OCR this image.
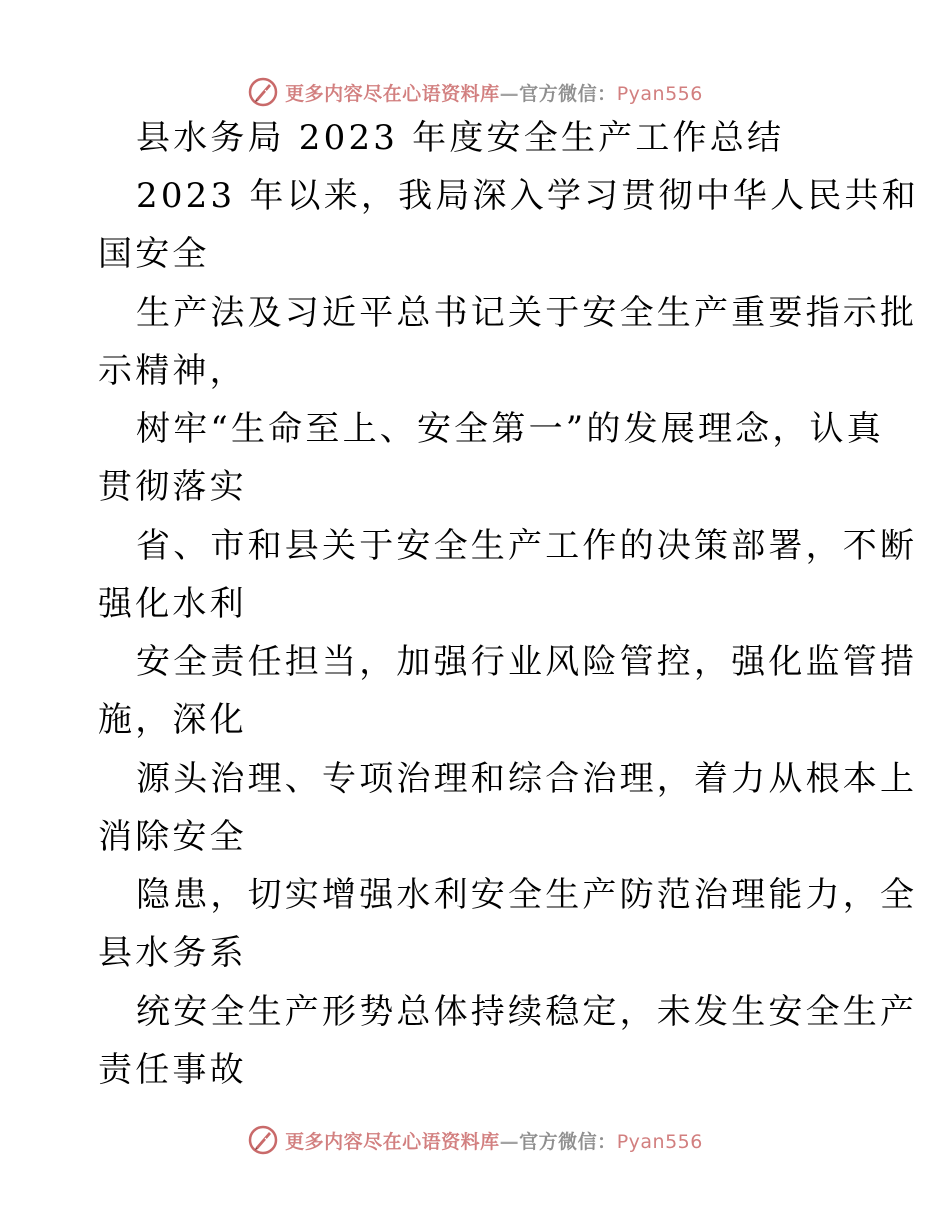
更多内容尽在心语资料库—官方微信：Pyan556
县水务局 2023 年度安全生产工作总结
2023 年以来，我局深入学习贯彻中华人民共和
国安全
生产法及习近平总书记关于安全生产重要指示批
示精神，
树牢“生命至上、安全第一”的发展理念，认真
贯彻落实
省、市和县关于安全生产工作的决策部署，不断
强化水利
安全责任担当，加强行业风险管控，强化监管措
施，深化
源头治理、专项治理和综合治理，着力从根本上
消除安全
隐患，切实增强水利安全生产防范治理能力，全
县水务系
统安全生产形势总体持续稳定，未发生安全生产
责任事故
更多内容尽在心语资料库—官方微信：Pyan556
